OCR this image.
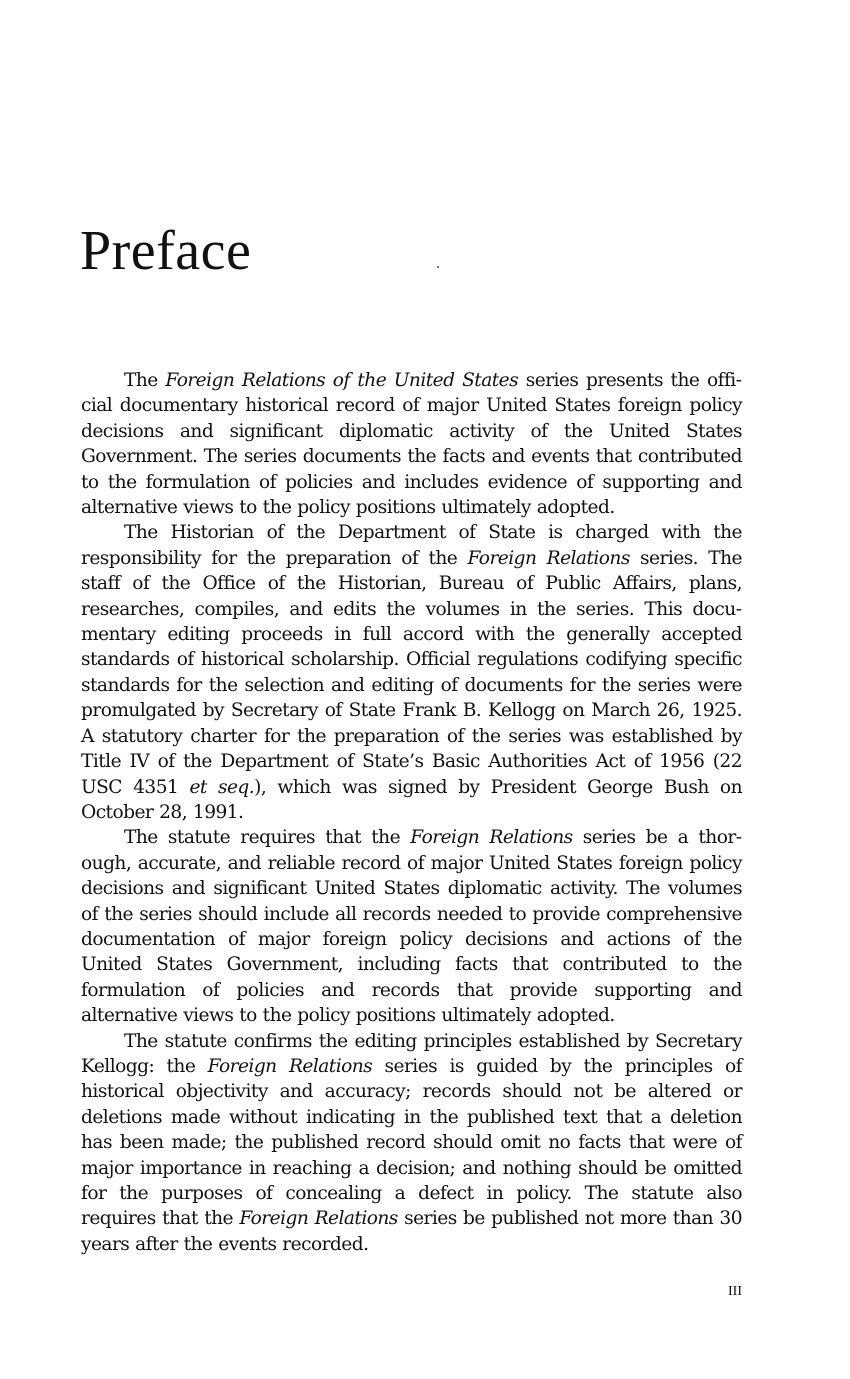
Preface

The Foreign Relations of the United States series presents the official documentary historical record of major United States foreign policy decisions and significant diplomatic activity of the United States Government. The series documents the facts and events that contributed to the formulation of policies and includes evidence of supporting and alternative views to the policy positions ultimately adopted.

The Historian of the Department of State is charged with the responsibility for the preparation of the Foreign Relations series. The staff of the Office of the Historian, Bureau of Public Affairs, plans, researches, compiles, and edits the volumes in the series. This documentary editing proceeds in full accord with the generally accepted standards of historical scholarship. Official regulations codifying specific standards for the selection and editing of documents for the series were promulgated by Secretary of State Frank B. Kellogg on March 26, 1925. A statutory charter for the preparation of the series was established by Title IV of the Department of State’s Basic Authorities Act of 1956 (22 USC 4351 et seq.), which was signed by President George Bush on October 28, 1991.

The statute requires that the Foreign Relations series be a thorough, accurate, and reliable record of major United States foreign policy decisions and significant United States diplomatic activity. The volumes of the series should include all records needed to provide comprehensive documentation of major foreign policy decisions and actions of the United States Government, including facts that contributed to the formulation of policies and records that provide supporting and alternative views to the policy positions ultimately adopted.

The statute confirms the editing principles established by Secretary Kellogg: the Foreign Relations series is guided by the principles of historical objectivity and accuracy; records should not be altered or deletions made without indicating in the published text that a deletion has been made; the published record should omit no facts that were of major importance in reaching a decision; and nothing should be omitted for the purposes of concealing a defect in policy. The statute also requires that the Foreign Relations series be published not more than 30 years after the events recorded.

III
